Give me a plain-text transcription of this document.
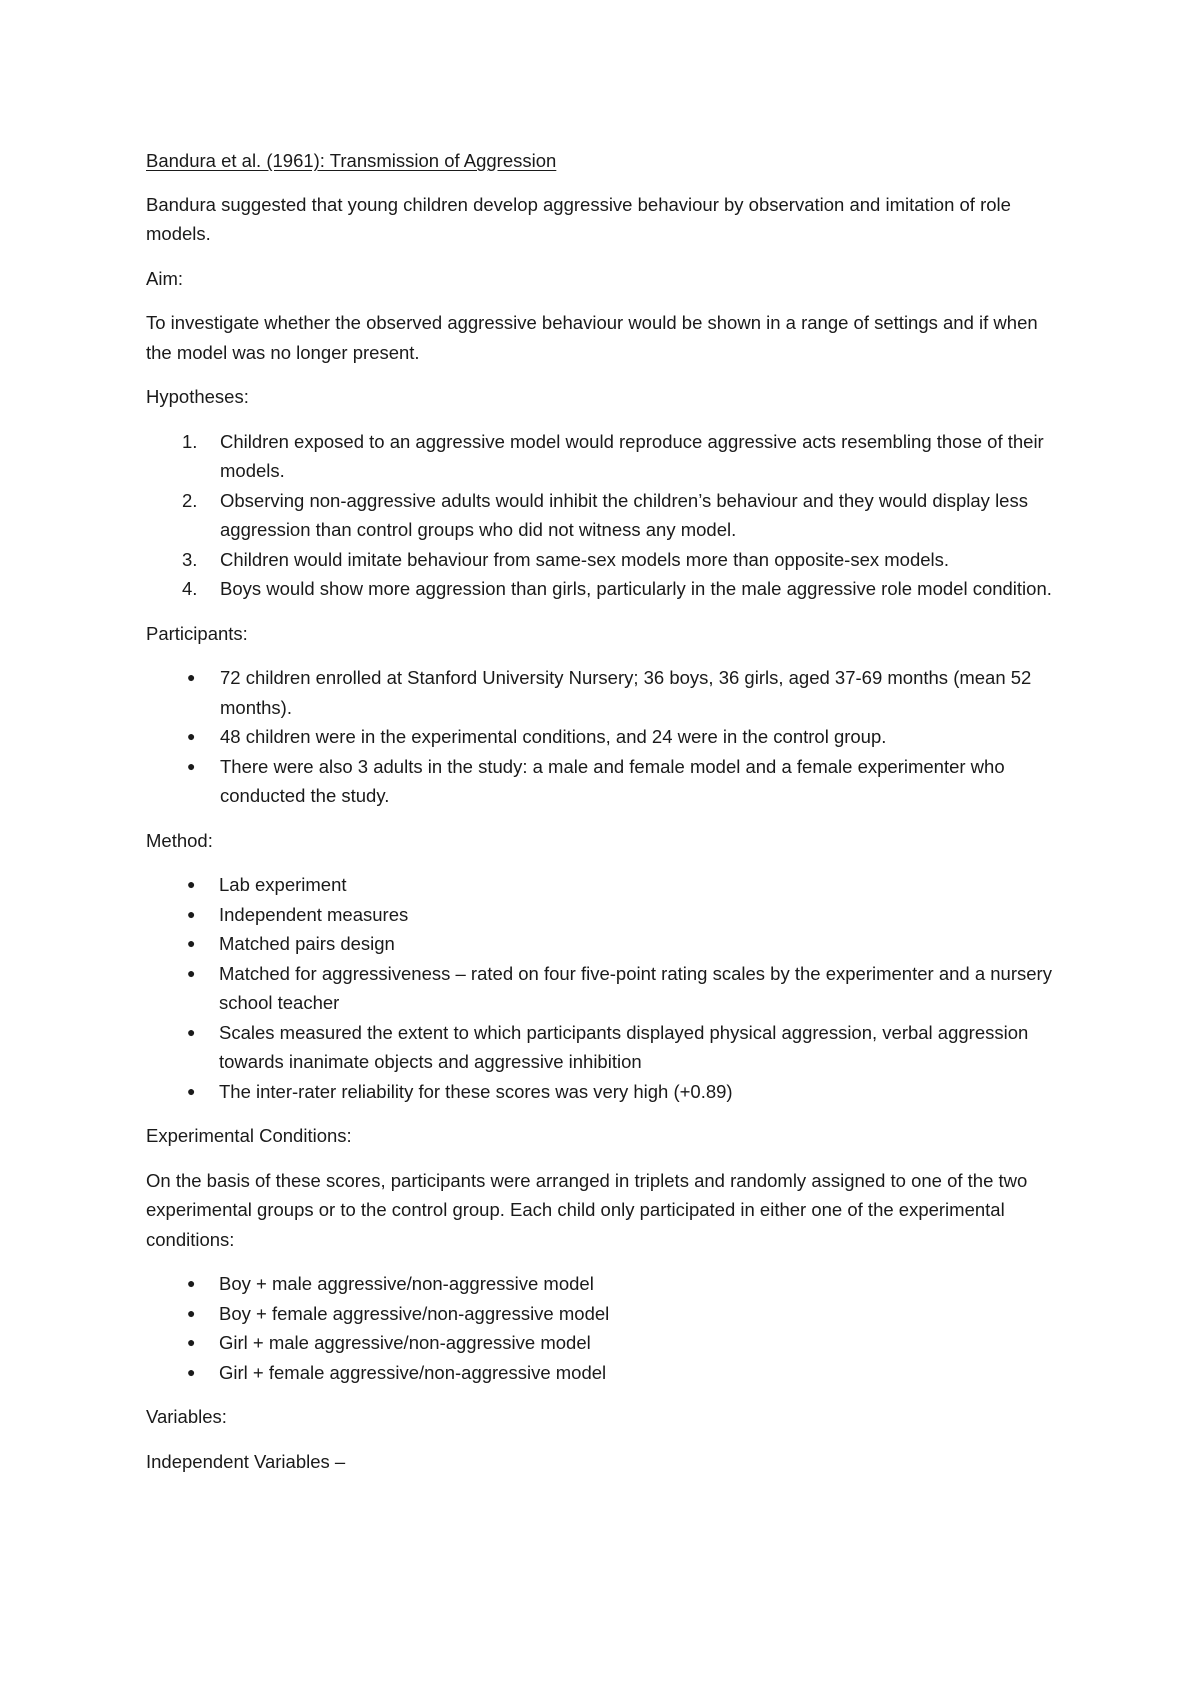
Bandura et al. (1961): Transmission of Aggression

Bandura suggested that young children develop aggressive behaviour by observation and imitation of role models.

Aim:

To investigate whether the observed aggressive behaviour would be shown in a range of settings and if when the model was no longer present.

Hypotheses:

1. Children exposed to an aggressive model would reproduce aggressive acts resembling those of their models.
2. Observing non-aggressive adults would inhibit the children’s behaviour and they would display less aggression than control groups who did not witness any model.
3. Children would imitate behaviour from same-sex models more than opposite-sex models.
4. Boys would show more aggression than girls, particularly in the male aggressive role model condition.

Participants:

● 72 children enrolled at Stanford University Nursery; 36 boys, 36 girls, aged 37-69 months (mean 52 months).
● 48 children were in the experimental conditions, and 24 were in the control group.
● There were also 3 adults in the study: a male and female model and a female experimenter who conducted the study.

Method:

● Lab experiment
● Independent measures
● Matched pairs design
● Matched for aggressiveness – rated on four five-point rating scales by the experimenter and a nursery school teacher
● Scales measured the extent to which participants displayed physical aggression, verbal aggression towards inanimate objects and aggressive inhibition
● The inter-rater reliability for these scores was very high (+0.89)

Experimental Conditions:

On the basis of these scores, participants were arranged in triplets and randomly assigned to one of the two experimental groups or to the control group. Each child only participated in either one of the experimental conditions:

● Boy + male aggressive/non-aggressive model
● Boy + female aggressive/non-aggressive model
● Girl + male aggressive/non-aggressive model
● Girl + female aggressive/non-aggressive model

Variables:

Independent Variables –
